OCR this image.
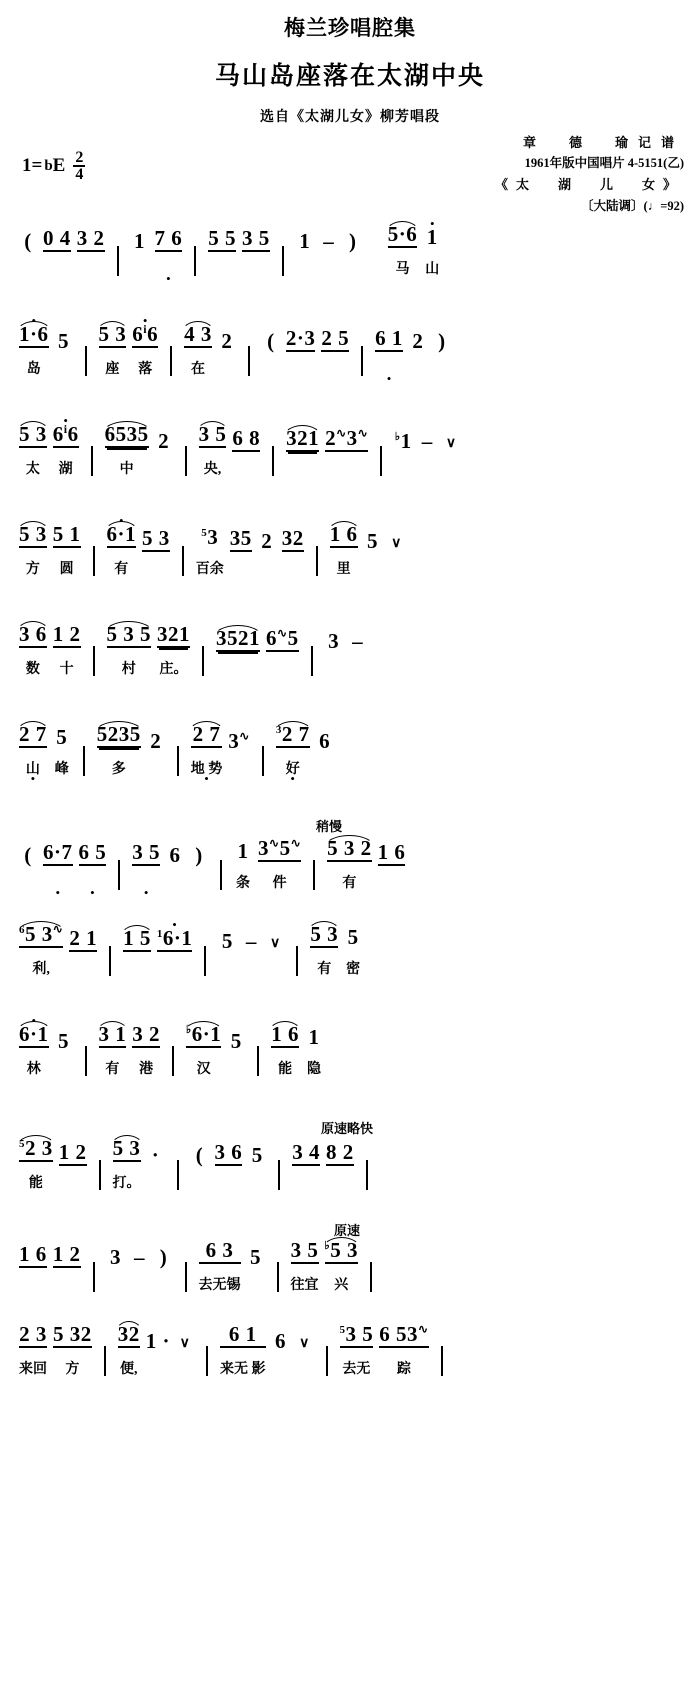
梅兰珍唱腔集
马山岛座落在太湖中央
选自《太湖儿女》柳芳唱段
1= b E $\frac{2}{4}$
章　德　瑜记谱
1961年版中国唱片 4-5151(乙)
《太　湖　儿　女》
〔大陆调〕(♩=92)
( 0 4 3 2 1 7 6
• 5 5 3 5 1 – ) 5·6
马
• 1
山
• 1·6
岛
5 5 3
座
• 6$^i$6
落
4 3
在
2 ( 2·3 2 5 6 1
• 2 )
5 3
太
• 6$^i$6
湖
6535
中
2 3 5
央,
6 8 321 2∿3∿ ♭1 – ∨
5 3
方
5 1
圆
• 6·1
有
5 3	$^5$3
百余
35 2 32 1 6
里
5 ∨
3 6
数
1 2
十
5 3 5
村
321
庄。
3521 6∿5 3 –
2 7
山
•
5
峰
5235
多
2 2 7
地 势
•
3∿ $^3$2 7
好
•
6
稍慢
( 6·7
• 6 5
• 3 5
• 6 ) 1
条
3∿5∿
件
5 3 2
有
1 6
$^6$5 3∿
利,
2 1 1 5 • $^1$6·1 5 – ∨ 5 3
有
5
密
• 6·1
林
5 3 1
有
3 2
港
♭6·1
汉
5 1 6
能
1
隐
原速略快
$^5$2 3
能
1 2 5 3
打。
· ( 3 6 5 3 4 8 2
原速
1 6 1 2 3 – )	6 3
去无锡
5 3 5
往宜
♭5 3
兴
2 3
来回
5 32
方
32
便,
1 · ∨	6 1
来无 影
6 ∨
$^5$3 5
去无
6 53∿
踪
